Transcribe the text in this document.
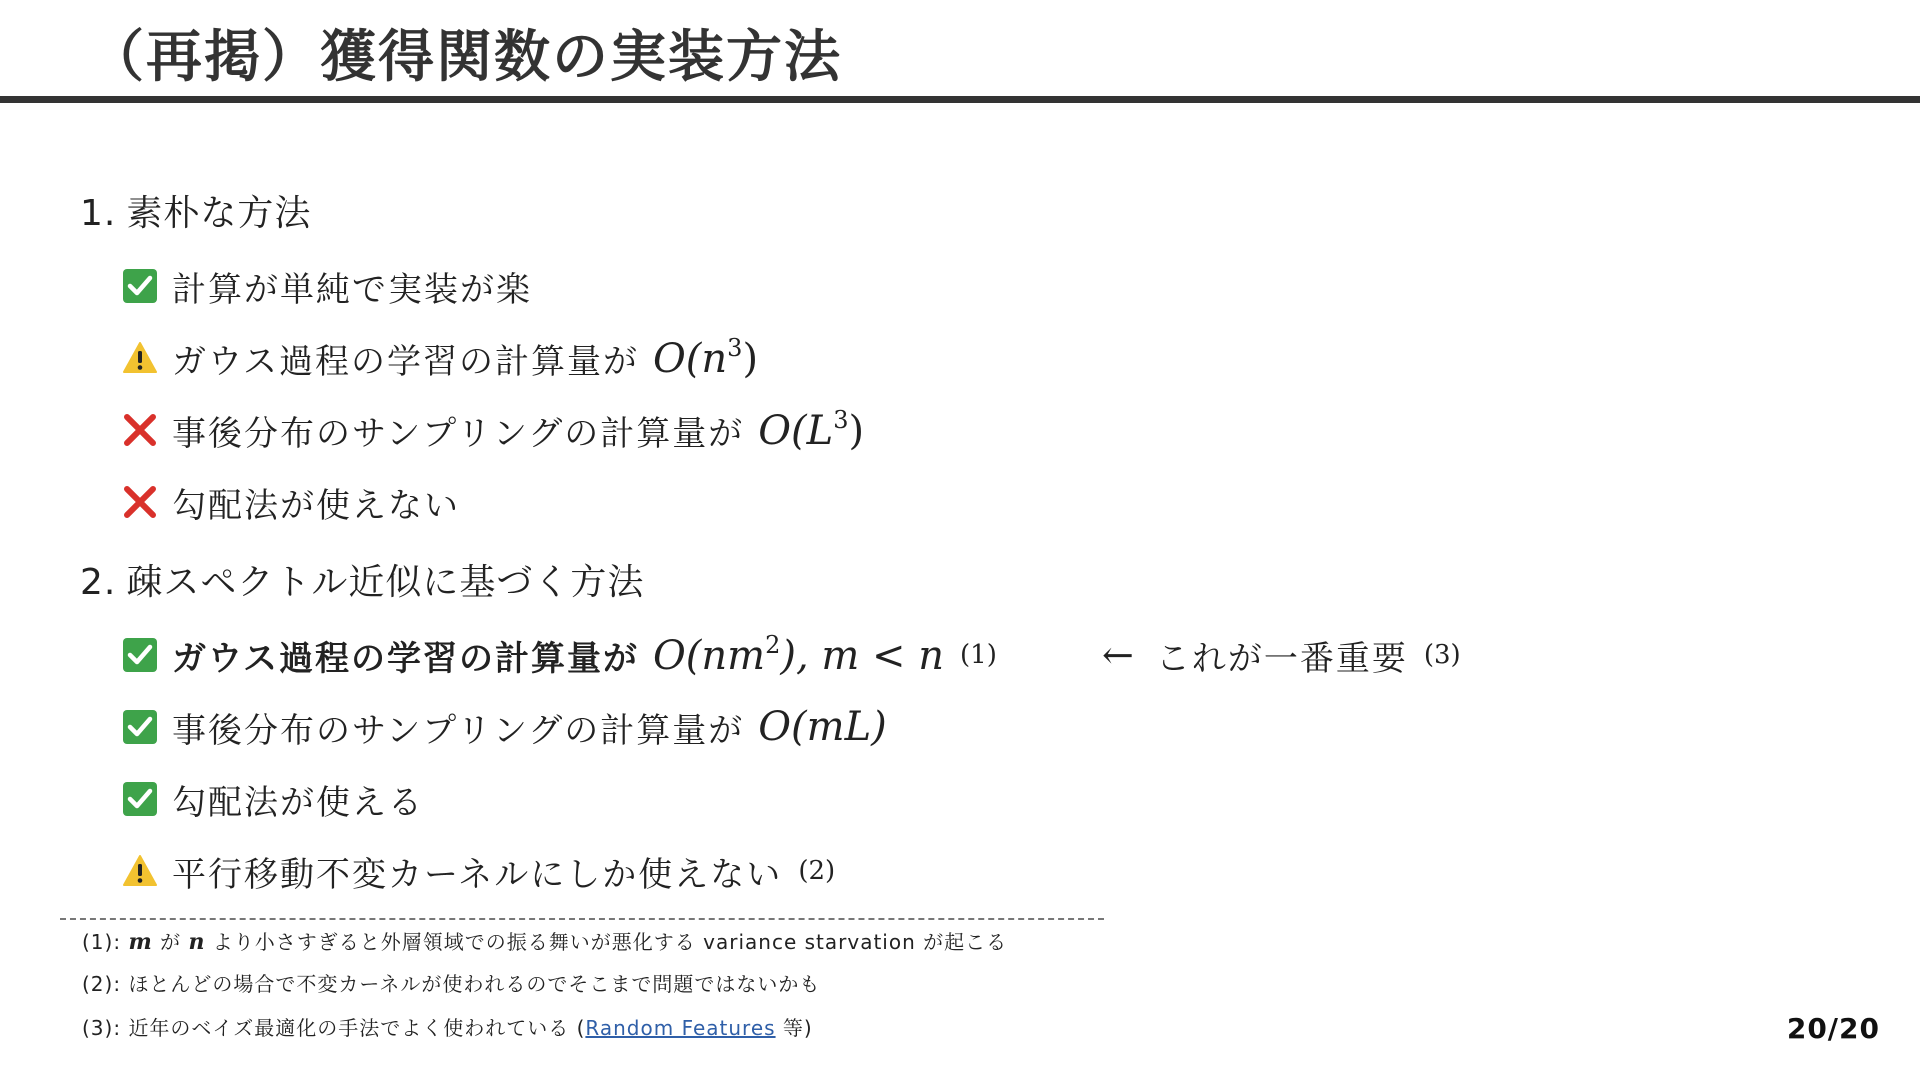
（再掲）獲得関数の実装方法
1. 素朴な方法
計算が単純で実装が楽
ガウス過程の学習の計算量が $O(n^3)$
事後分布のサンプリングの計算量が $O(L^3)$
勾配法が使えない
2. 疎スペクトル近似に基づく方法
ガウス過程の学習の計算量が $O(nm^2)$, m < n (1)	← これが一番重要 (3)
事後分布のサンプリングの計算量が O(mL)
勾配法が使える
平行移動不変カーネルにしか使えない (2)
(1): m が n より小さすぎると外層領域での振る舞いが悪化する variance starvation が起こる
(2): ほとんどの場合で不変カーネルが使われるのでそこまで問題ではないかも
(3): 近年のベイズ最適化の手法でよく使われている (Random Features 等)	20/20
